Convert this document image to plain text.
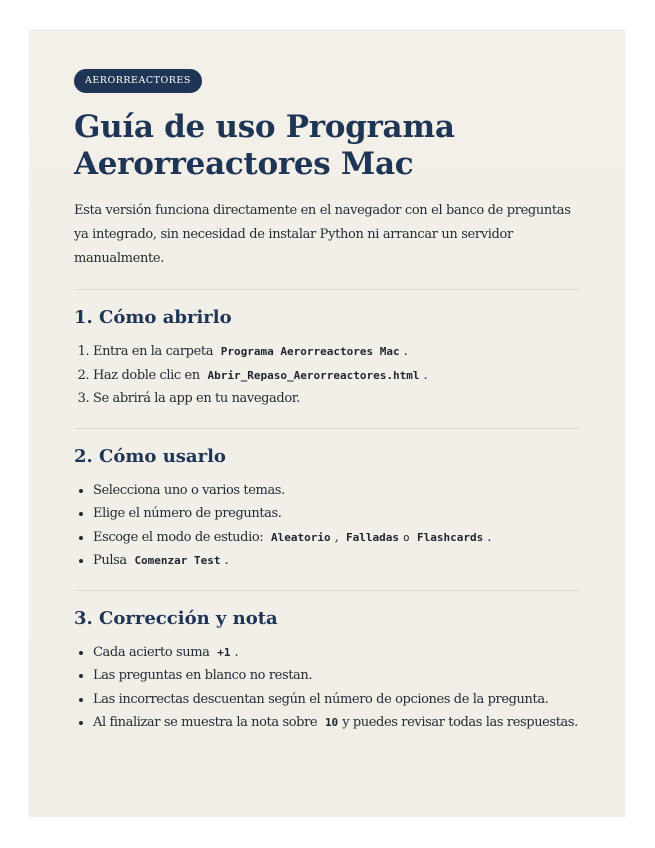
AERORREACTORES
Guía de uso Programa Aerorreactores Mac

Esta versión funciona directamente en el navegador con el banco de preguntas ya integrado, sin necesidad de instalar Python ni arrancar un servidor manualmente.

1. Cómo abrirlo
1. Entra en la carpeta Programa Aerorreactores Mac .
2. Haz doble clic en Abrir_Repaso_Aerorreactores.html .
3. Se abrirá la app en tu navegador.
2. Cómo usarlo
• Selecciona uno o varios temas.
• Elige el número de preguntas.
• Escoge el modo de estudio: Aleatorio , Falladas o Flashcards .
• Pulsa Comenzar Test .
3. Corrección y nota
• Cada acierto suma +1 .
• Las preguntas en blanco no restan.
• Las incorrectas descuentan según el número de opciones de la pregunta.
• Al finalizar se muestra la nota sobre 10 y puedes revisar todas las respuestas.
